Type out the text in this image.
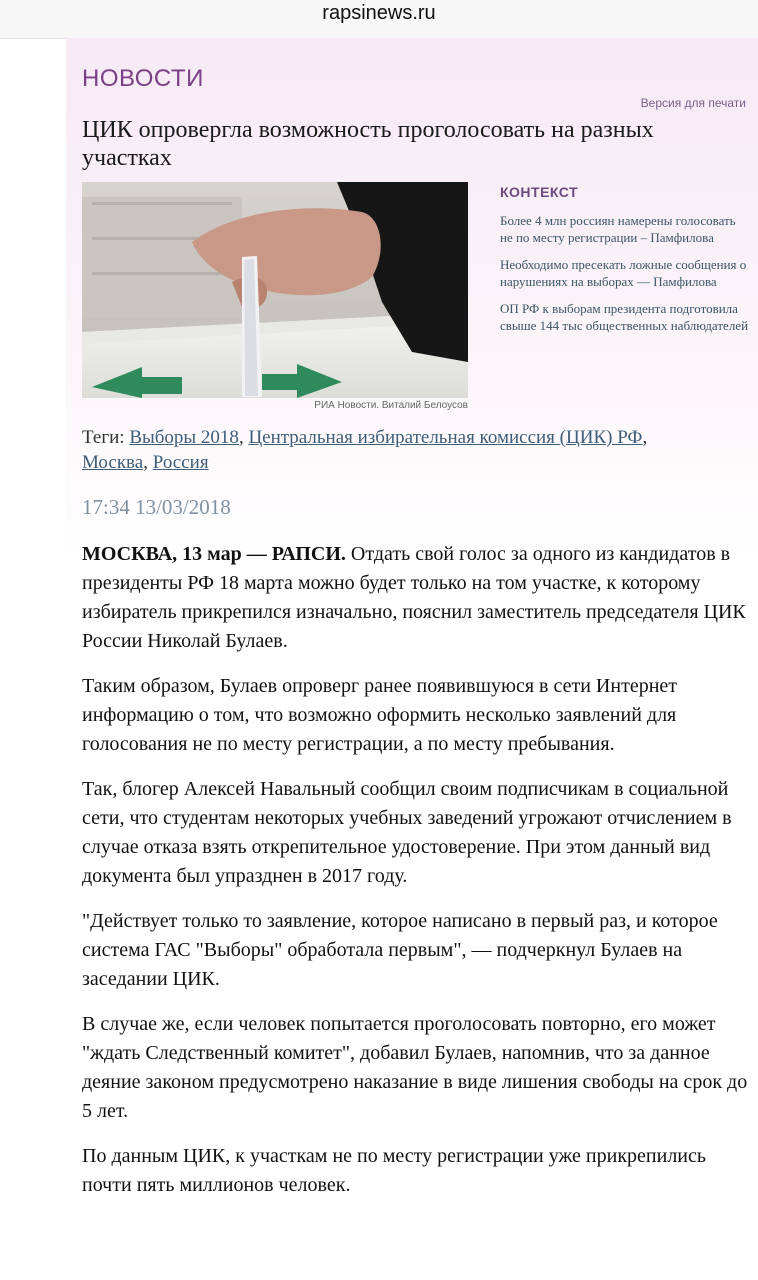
rapsinews.ru
НОВОСТИ
Версия для печати
ЦИК опровергла возможность проголосовать на разных участках
РИА Новости. Виталий Белоусов
КОНТЕКСТ
Более 4 млн россиян намерены голосовать не по месту регистрации – Памфилова
Необходимо пресекать ложные сообщения о нарушениях на выборах — Памфилова
ОП РФ к выборам президента подготовила свыше 144 тыс общественных наблюдателей
Теги: Выборы 2018, Центральная избирательная комиссия (ЦИК) РФ, Москва, Россия
17:34 13/03/2018

МОСКВА, 13 мар — РАПСИ. Отдать свой голос за одного из кандидатов в президенты РФ 18 марта можно будет только на том участке, к которому избиратель прикрепился изначально, пояснил заместитель председателя ЦИК России Николай Булаев.

Таким образом, Булаев опроверг ранее появившуюся в сети Интернет информацию о том, что возможно оформить несколько заявлений для голосования не по месту регистрации, а по месту пребывания.

Так, блогер Алексей Навальный сообщил своим подписчикам в социальной сети, что студентам некоторых учебных заведений угрожают отчислением в случае отказа взять открепительное удостоверение. При этом данный вид документа был упразднен в 2017 году.

"Действует только то заявление, которое написано в первый раз, и которое система ГАС "Выборы" обработала первым", — подчеркнул Булаев на заседании ЦИК.

В случае же, если человек попытается проголосовать повторно, его может "ждать Следственный комитет", добавил Булаев, напомнив, что за данное деяние законом предусмотрено наказание в виде лишения свободы на срок до 5 лет.

По данным ЦИК, к участкам не по месту регистрации уже прикрепились почти пять миллионов человек.
